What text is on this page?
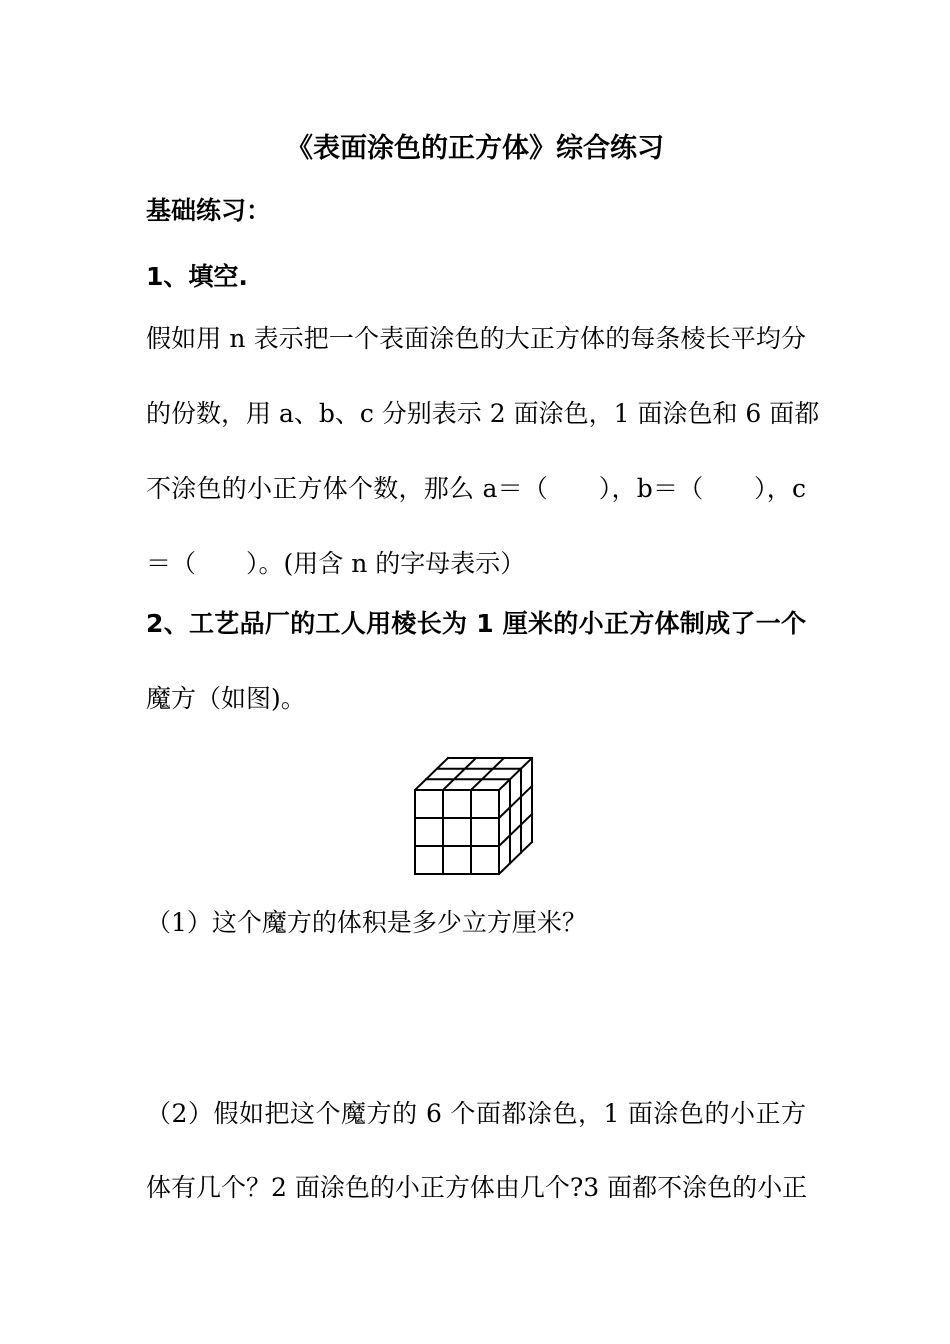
《表面涂色的正方体》综合练习
基础练习：
1、填空.
假如用 n 表示把一个表面涂色的大正方体的每条棱长平均分
的份数，用 a、b、c 分别表示 2 面涂色，1 面涂色和 6 面都
不涂色的小正方体个数，那么 a＝（　　），b＝（　　），c
＝（　　）。(用含 n 的字母表示）
2、工艺品厂的工人用棱长为 1 厘米的小正方体制成了一个
魔方（如图)。
（1）这个魔方的体积是多少立方厘米？
（2）假如把这个魔方的 6 个面都涂色，1 面涂色的小正方
体有几个？2 面涂色的小正方体由几个?3 面都不涂色的小正
